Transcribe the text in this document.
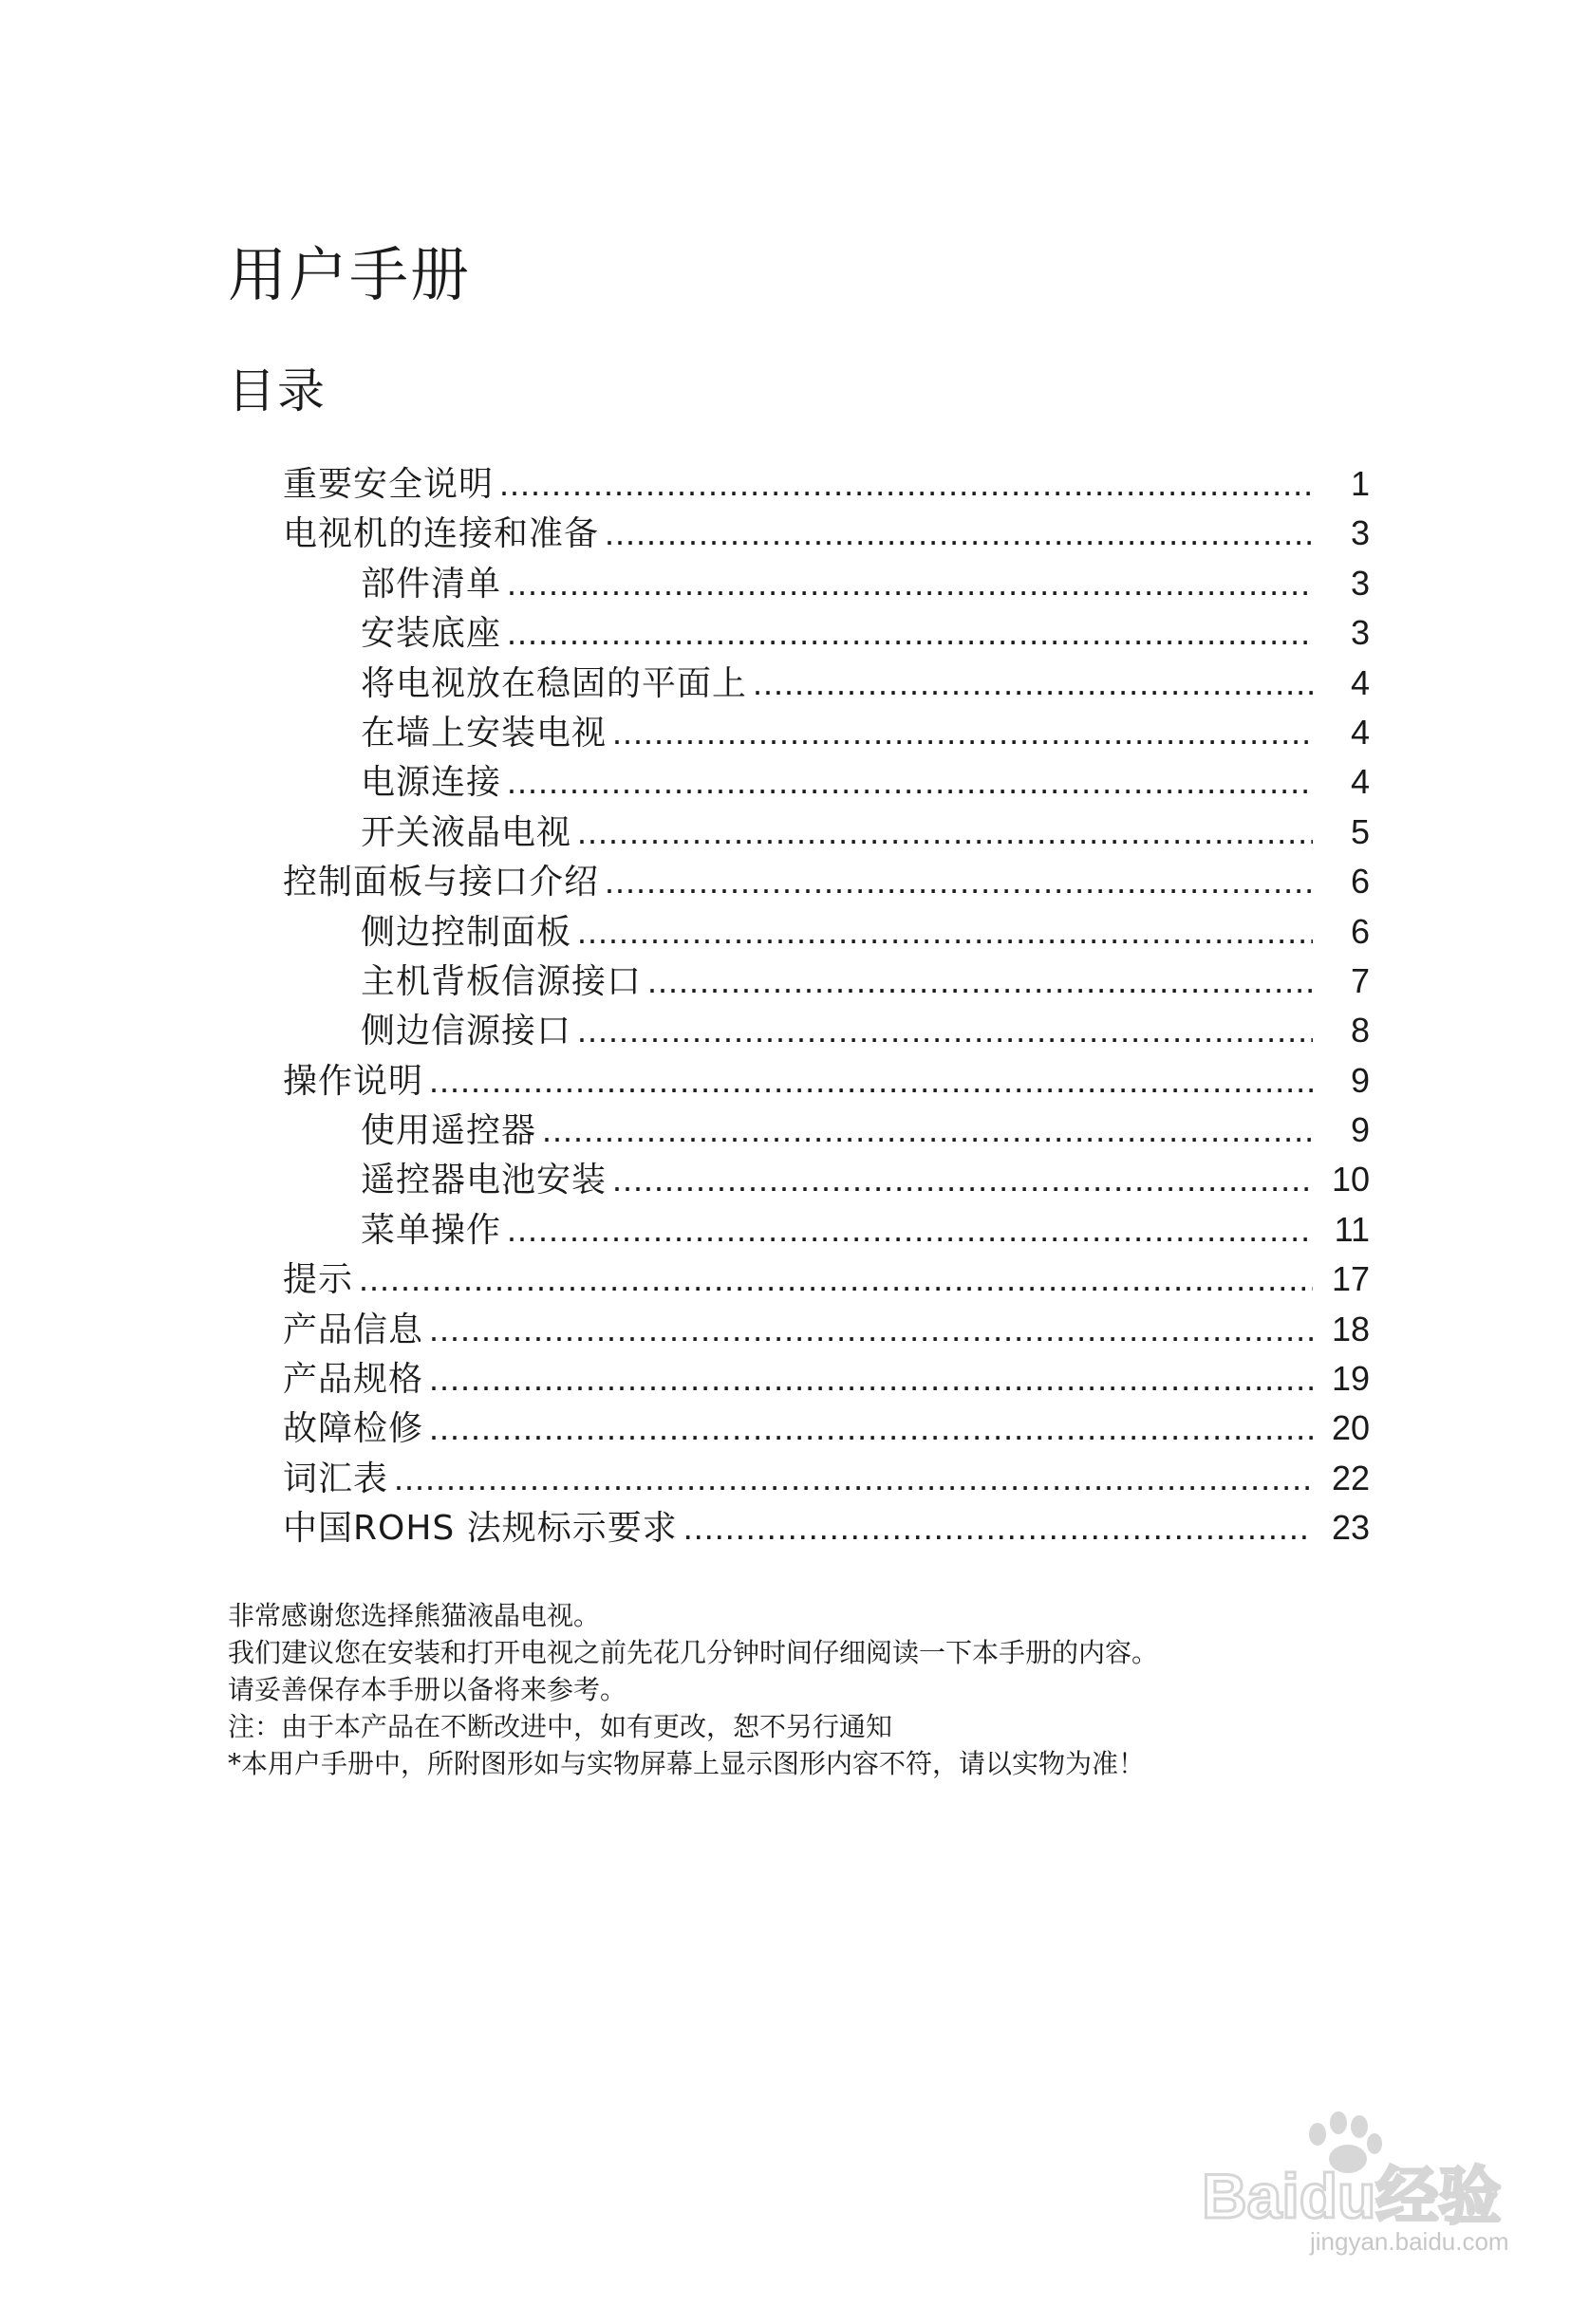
用户手册
目录
重要安全说明 .....	1
电视机的连接和准备 .....	3
部件清单 .....	3
安装底座 .....	3
将电视放在稳固的平面上 .....	4
在墙上安装电视 .....	4
电源连接 .....	4
开关液晶电视 .....	5
控制面板与接口介绍 .....	6
侧边控制面板 .....	6
主机背板信源接口 .....	7
侧边信源接口 .....	8
操作说明 .....	9
使用遥控器 .....	9
遥控器电池安装 .....	10
菜单操作 .....	11
提示 .....	17
产品信息 .....	18
产品规格 .....	19
故障检修 .....	20
词汇表 .....	22
中国ROHS 法规标示要求 .....	23

非常感谢您选择熊猫液晶电视。

我们建议您在安装和打开电视之前先花几分钟时间仔细阅读一下本手册的内容。

请妥善保存本手册以备将来参考。

注：由于本产品在不断改进中，如有更改，恕不另行通知

*本用户手册中，所附图形如与实物屏幕上显示图形内容不符，请以实物为准！

Baidu经验
jingyan.baidu.com
